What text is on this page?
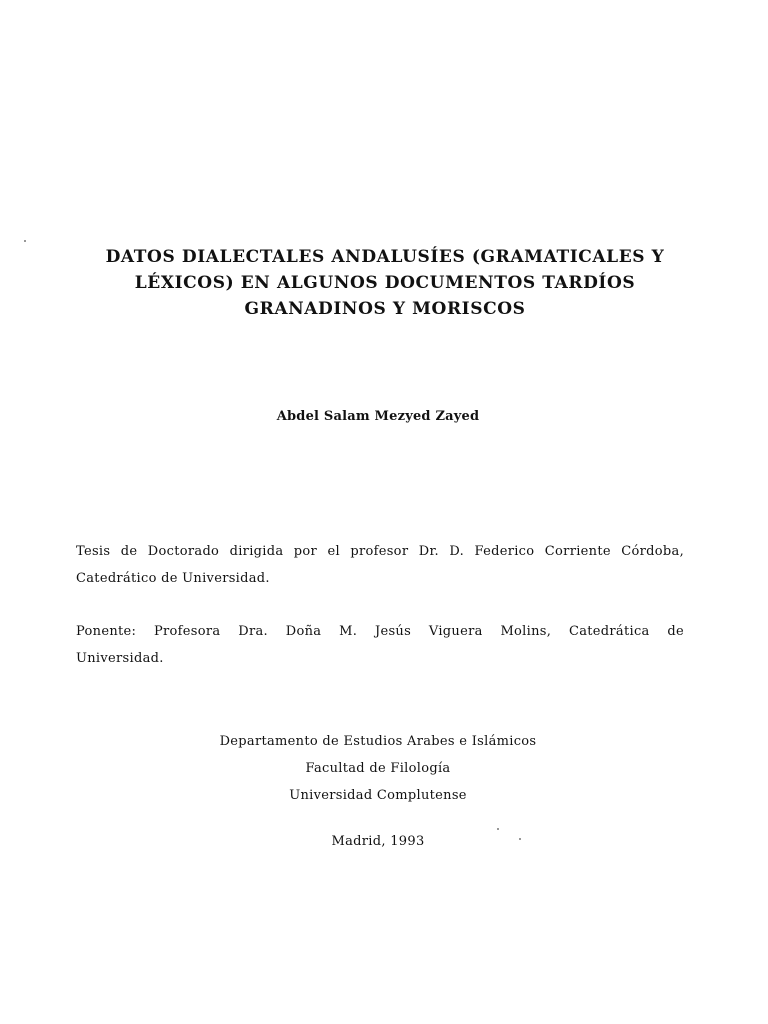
DATOS DIALECTALES ANDALUSÍES (GRAMATICALES Y
LÉXICOS) EN ALGUNOS DOCUMENTOS TARDÍOS
GRANADINOS Y MORISCOS
Abdel Salam Mezyed Zayed
Tesis de Doctorado dirigida por el profesor Dr. D. Federico Corriente Córdoba,
Catedrático de Universidad.
Ponente: Profesora Dra. Doña M. Jesús Viguera Molins, Catedrática de
Universidad.
Departamento de Estudios Arabes e Islámicos
Facultad de Filología
Universidad Complutense
Madrid, 1993
